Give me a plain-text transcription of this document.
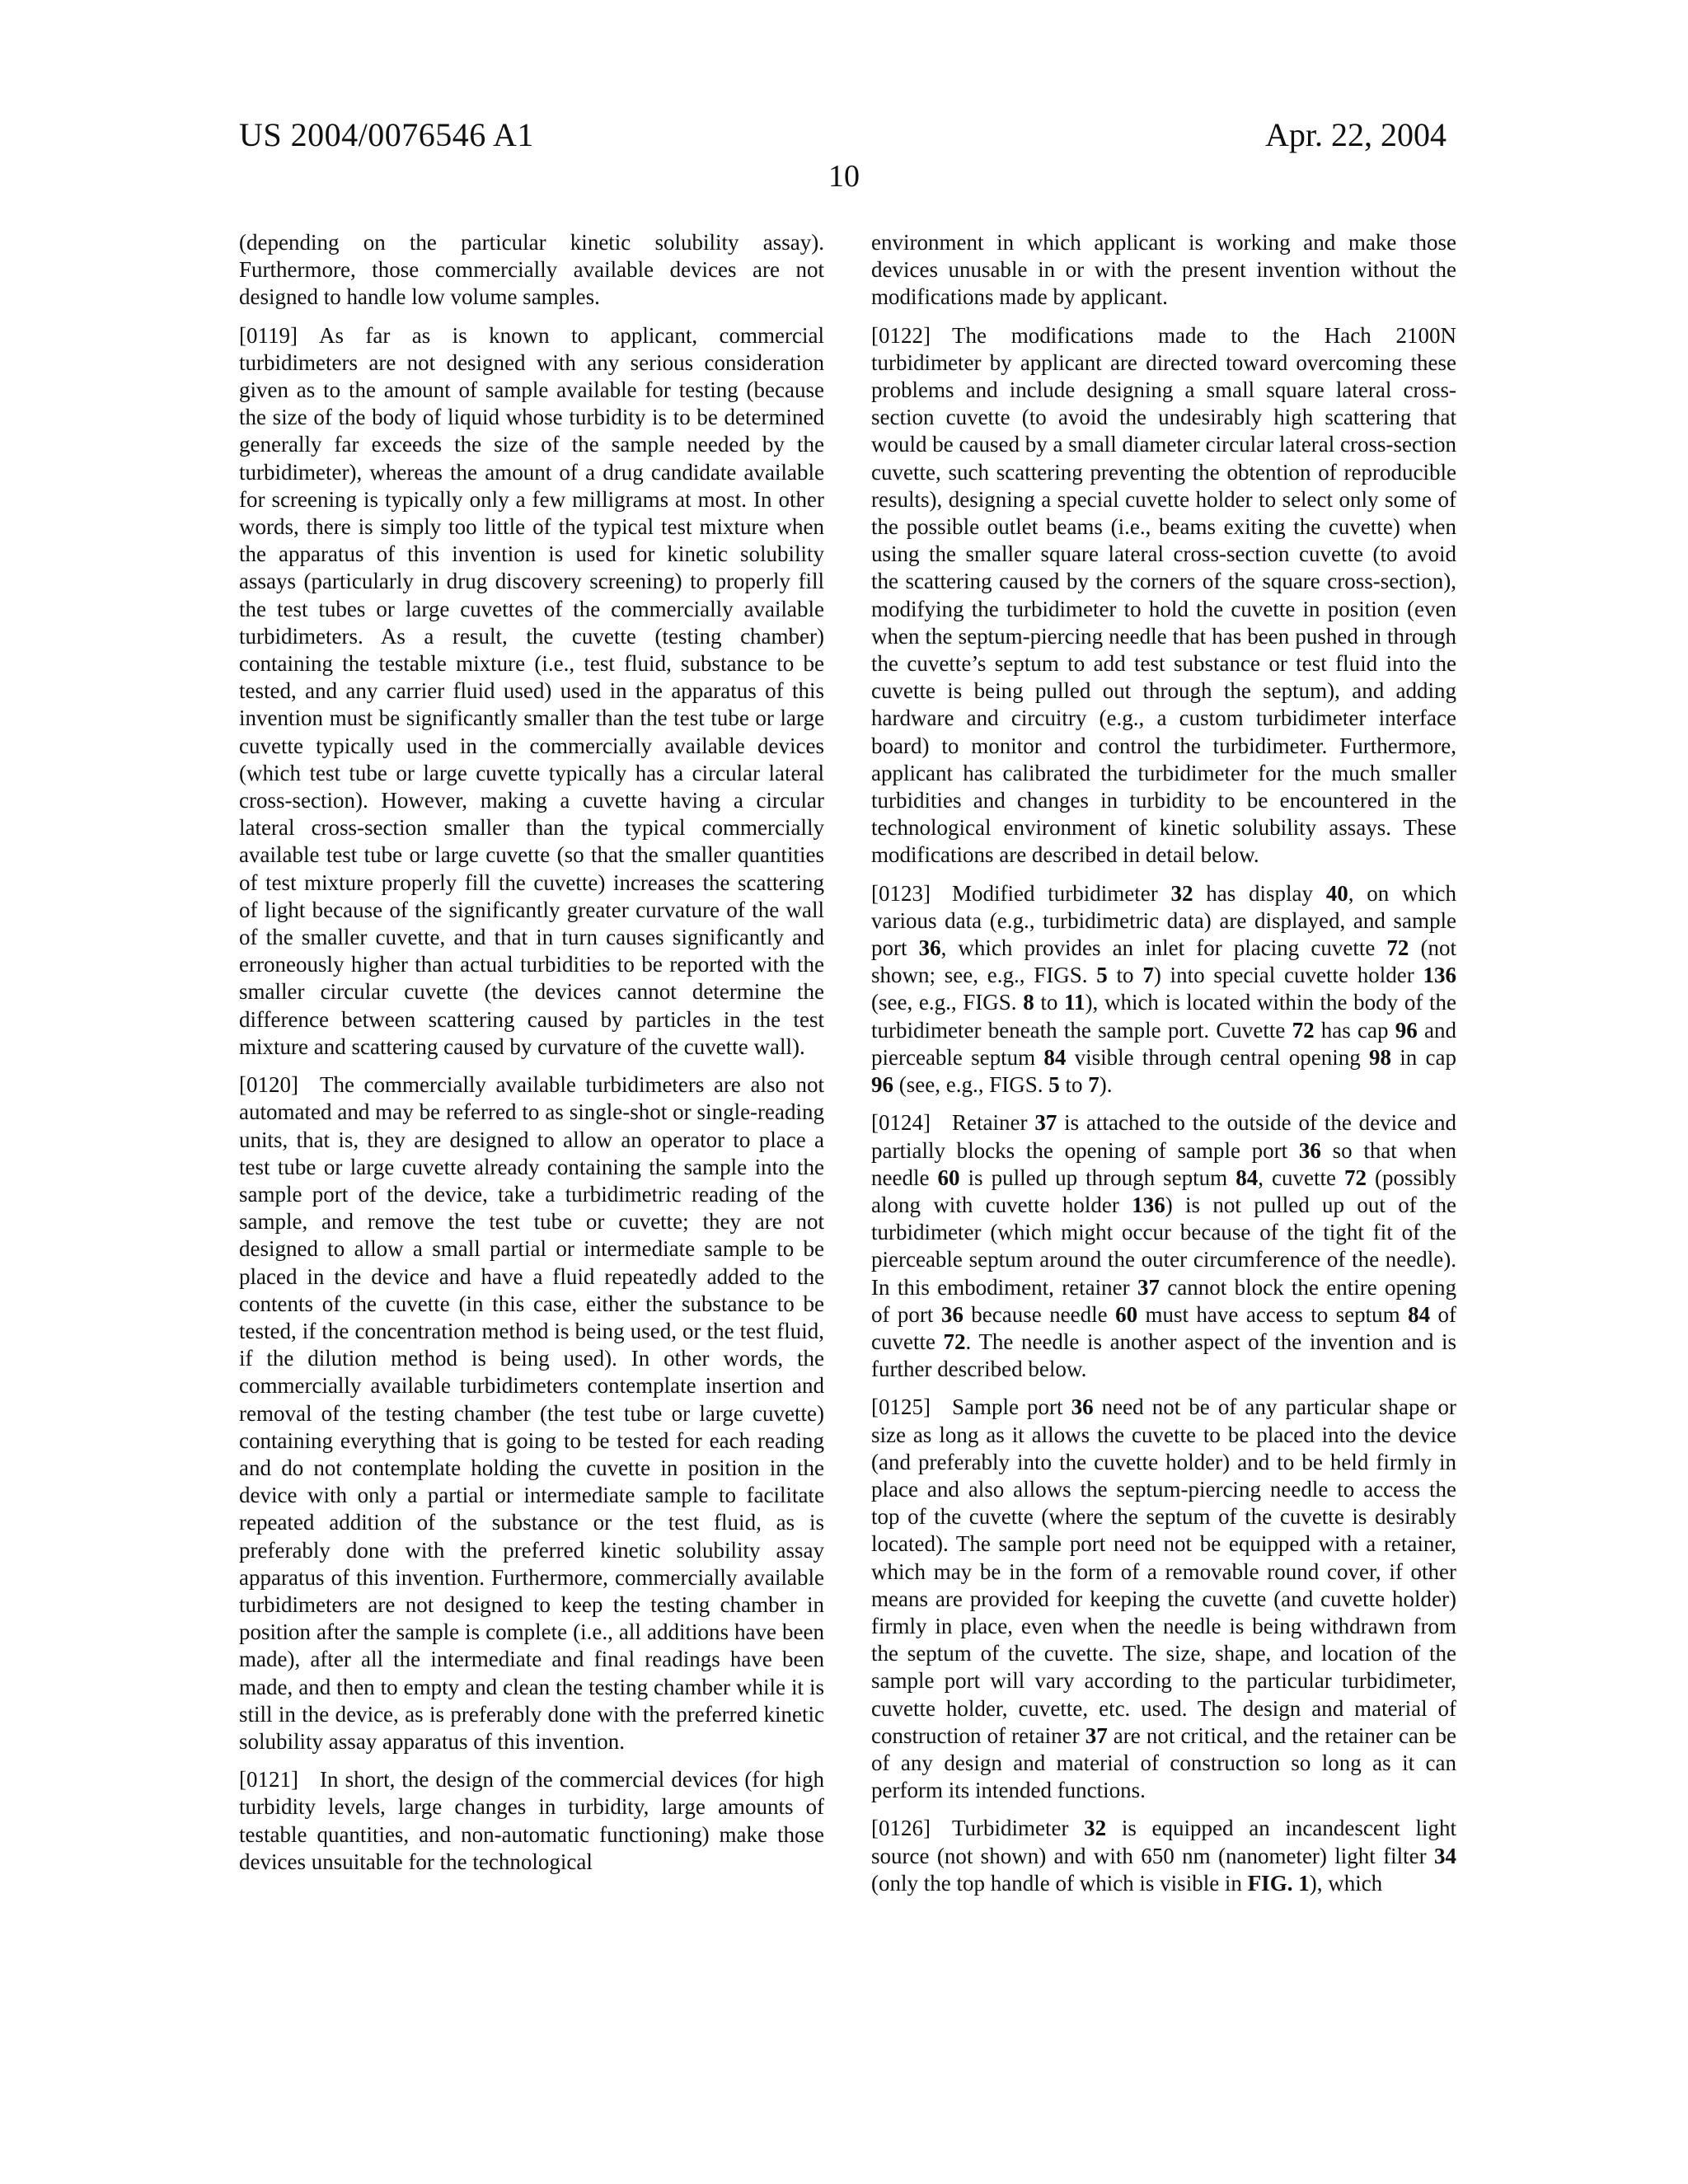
US 2004/0076546 A1	Apr. 22, 2004
10

(depending on the particular kinetic solubility assay). Furthermore, those commercially available devices are not designed to handle low volume samples.

[0119] As far as is known to applicant, commercial turbidimeters are not designed with any serious consideration given as to the amount of sample available for testing (because the size of the body of liquid whose turbidity is to be determined generally far exceeds the size of the sample needed by the turbidimeter), whereas the amount of a drug candidate available for screening is typically only a few milligrams at most. In other words, there is simply too little of the typical test mixture when the apparatus of this invention is used for kinetic solubility assays (particularly in drug discovery screening) to properly fill the test tubes or large cuvettes of the commercially available turbidimeters. As a result, the cuvette (testing chamber) containing the testable mixture (i.e., test fluid, substance to be tested, and any carrier fluid used) used in the apparatus of this invention must be significantly smaller than the test tube or large cuvette typically used in the commercially available devices (which test tube or large cuvette typically has a circular lateral cross-section). However, making a cuvette having a circular lateral cross-section smaller than the typical commercially available test tube or large cuvette (so that the smaller quantities of test mixture properly fill the cuvette) increases the scattering of light because of the significantly greater curvature of the wall of the smaller cuvette, and that in turn causes significantly and erroneously higher than actual turbidities to be reported with the smaller circular cuvette (the devices cannot determine the difference between scattering caused by particles in the test mixture and scattering caused by curvature of the cuvette wall).

[0120] The commercially available turbidimeters are also not automated and may be referred to as single-shot or single-reading units, that is, they are designed to allow an operator to place a test tube or large cuvette already containing the sample into the sample port of the device, take a turbidimetric reading of the sample, and remove the test tube or cuvette; they are not designed to allow a small partial or intermediate sample to be placed in the device and have a fluid repeatedly added to the contents of the cuvette (in this case, either the substance to be tested, if the concentration method is being used, or the test fluid, if the dilution method is being used). In other words, the commercially available turbidimeters contemplate insertion and removal of the testing chamber (the test tube or large cuvette) containing everything that is going to be tested for each reading and do not contemplate holding the cuvette in position in the device with only a partial or intermediate sample to facilitate repeated addition of the substance or the test fluid, as is preferably done with the preferred kinetic solubility assay apparatus of this invention. Furthermore, commercially available turbidimeters are not designed to keep the testing chamber in position after the sample is complete (i.e., all additions have been made), after all the intermediate and final readings have been made, and then to empty and clean the testing chamber while it is still in the device, as is preferably done with the preferred kinetic solubility assay apparatus of this invention.

[0121] In short, the design of the commercial devices (for high turbidity levels, large changes in turbidity, large amounts of testable quantities, and non-automatic functioning) make those devices unsuitable for the technological

environment in which applicant is working and make those devices unusable in or with the present invention without the modifications made by applicant.

[0122] The modifications made to the Hach 2100N turbidimeter by applicant are directed toward overcoming these problems and include designing a small square lateral cross-section cuvette (to avoid the undesirably high scattering that would be caused by a small diameter circular lateral cross-section cuvette, such scattering preventing the obtention of reproducible results), designing a special cuvette holder to select only some of the possible outlet beams (i.e., beams exiting the cuvette) when using the smaller square lateral cross-section cuvette (to avoid the scattering caused by the corners of the square cross-section), modifying the turbidimeter to hold the cuvette in position (even when the septum-piercing needle that has been pushed in through the cuvette’s septum to add test substance or test fluid into the cuvette is being pulled out through the septum), and adding hardware and circuitry (e.g., a custom turbidimeter interface board) to monitor and control the turbidimeter. Furthermore, applicant has calibrated the turbidimeter for the much smaller turbidities and changes in turbidity to be encountered in the technological environment of kinetic solubility assays. These modifications are described in detail below.

[0123] Modified turbidimeter 32 has display 40, on which various data (e.g., turbidimetric data) are displayed, and sample port 36, which provides an inlet for placing cuvette 72 (not shown; see, e.g., FIGS. 5 to 7) into special cuvette holder 136 (see, e.g., FIGS. 8 to 11), which is located within the body of the turbidimeter beneath the sample port. Cuvette 72 has cap 96 and pierceable septum 84 visible through central opening 98 in cap 96 (see, e.g., FIGS. 5 to 7).

[0124] Retainer 37 is attached to the outside of the device and partially blocks the opening of sample port 36 so that when needle 60 is pulled up through septum 84, cuvette 72 (possibly along with cuvette holder 136) is not pulled up out of the turbidimeter (which might occur because of the tight fit of the pierceable septum around the outer circumference of the needle). In this embodiment, retainer 37 cannot block the entire opening of port 36 because needle 60 must have access to septum 84 of cuvette 72. The needle is another aspect of the invention and is further described below.

[0125] Sample port 36 need not be of any particular shape or size as long as it allows the cuvette to be placed into the device (and preferably into the cuvette holder) and to be held firmly in place and also allows the septum-piercing needle to access the top of the cuvette (where the septum of the cuvette is desirably located). The sample port need not be equipped with a retainer, which may be in the form of a removable round cover, if other means are provided for keeping the cuvette (and cuvette holder) firmly in place, even when the needle is being withdrawn from the septum of the cuvette. The size, shape, and location of the sample port will vary according to the particular turbidimeter, cuvette holder, cuvette, etc. used. The design and material of construction of retainer 37 are not critical, and the retainer can be of any design and material of construction so long as it can perform its intended functions.

[0126] Turbidimeter 32 is equipped an incandescent light source (not shown) and with 650 nm (nanometer) light filter 34 (only the top handle of which is visible in FIG. 1), which
